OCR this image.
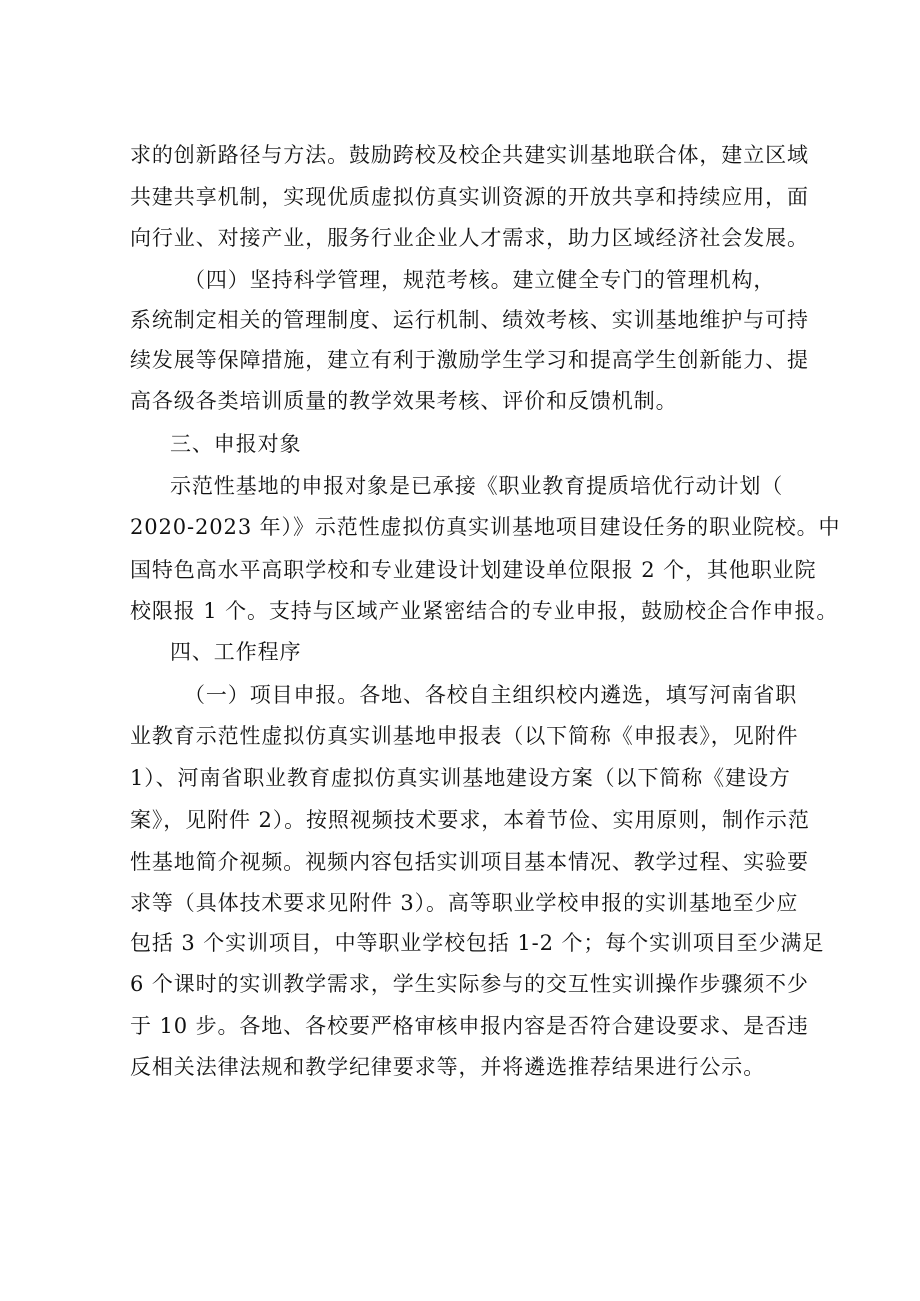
求的创新路径与方法。鼓励跨校及校企共建实训基地联合体，建立区域
共建共享机制，实现优质虚拟仿真实训资源的开放共享和持续应用，面
向行业、对接产业，服务行业企业人才需求，助力区域经济社会发展。
（四）坚持科学管理，规范考核。建立健全专门的管理机构，
系统制定相关的管理制度、运行机制、绩效考核、实训基地维护与可持
续发展等保障措施，建立有利于激励学生学习和提高学生创新能力、提
高各级各类培训质量的教学效果考核、评价和反馈机制。
三、申报对象
示范性基地的申报对象是已承接《职业教育提质培优行动计划（
2020-2023 年）》示范性虚拟仿真实训基地项目建设任务的职业院校。中
国特色高水平高职学校和专业建设计划建设单位限报 2 个，其他职业院
校限报 1 个。支持与区域产业紧密结合的专业申报，鼓励校企合作申报。
四、工作程序
（一）项目申报。各地、各校自主组织校内遴选，填写河南省职
业教育示范性虚拟仿真实训基地申报表（以下简称《申报表》，见附件
1）、河南省职业教育虚拟仿真实训基地建设方案（以下简称《建设方
案》，见附件 2）。按照视频技术要求，本着节俭、实用原则，制作示范
性基地简介视频。视频内容包括实训项目基本情况、教学过程、实验要
求等（具体技术要求见附件 3）。高等职业学校申报的实训基地至少应
包括 3 个实训项目，中等职业学校包括 1-2 个；每个实训项目至少满足
6 个课时的实训教学需求，学生实际参与的交互性实训操作步骤须不少
于 10 步。各地、各校要严格审核申报内容是否符合建设要求、是否违
反相关法律法规和教学纪律要求等，并将遴选推荐结果进行公示。
